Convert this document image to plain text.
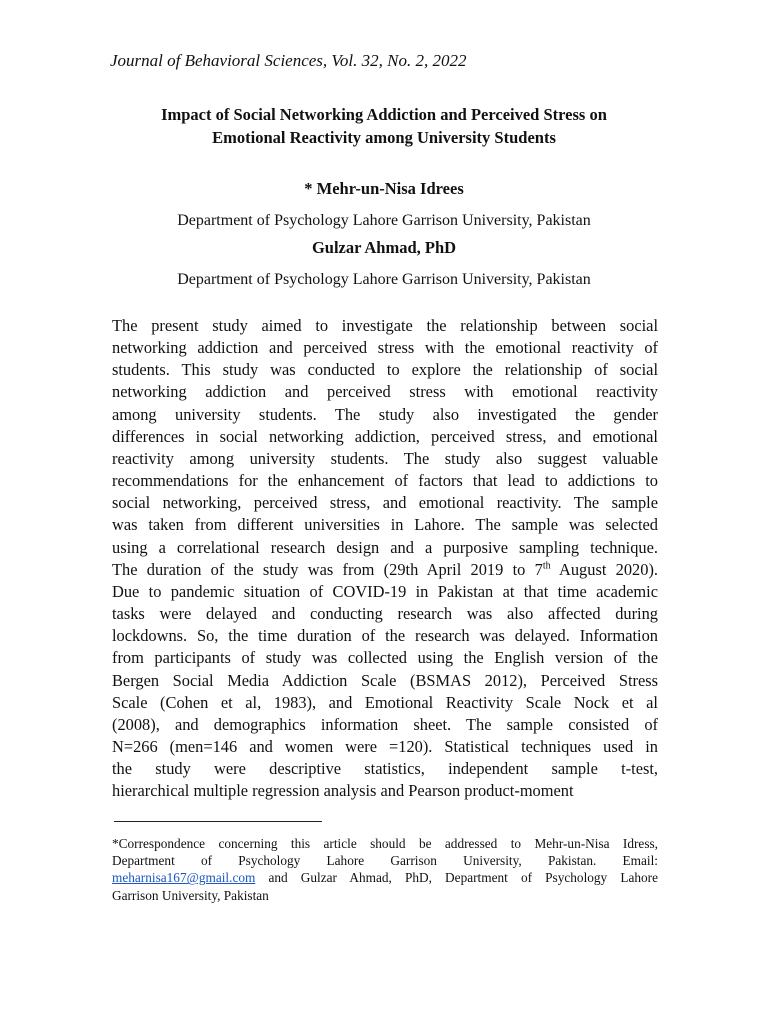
Journal of Behavioral Sciences, Vol. 32, No. 2, 2022
Impact of Social Networking Addiction and Perceived Stress on
Emotional Reactivity among University Students
* Mehr-un-Nisa Idrees
Department of Psychology Lahore Garrison University, Pakistan
Gulzar Ahmad, PhD
Department of Psychology Lahore Garrison University, Pakistan
The present study aimed to investigate the relationship between social
networking addiction and perceived stress with the emotional reactivity of
students. This study was conducted to explore the relationship of social
networking addiction and perceived stress with emotional reactivity
among university students. The study also investigated the gender
differences in social networking addiction, perceived stress, and emotional
reactivity among university students. The study also suggest valuable
recommendations for the enhancement of factors that lead to addictions to
social networking, perceived stress, and emotional reactivity. The sample
was taken from different universities in Lahore. The sample was selected
using a correlational research design and a purposive sampling technique.
The duration of the study was from (29th April 2019 to 7th August 2020).
Due to pandemic situation of COVID-19 in Pakistan at that time academic
tasks were delayed and conducting research was also affected during
lockdowns. So, the time duration of the research was delayed. Information
from participants of study was collected using the English version of the
Bergen Social Media Addiction Scale (BSMAS 2012), Perceived Stress
Scale (Cohen et al, 1983), and Emotional Reactivity Scale Nock et al
(2008), and demographics information sheet. The sample consisted of
N=266 (men=146 and women were =120). Statistical techniques used in
the study were descriptive statistics, independent sample t-test,
hierarchical multiple regression analysis and Pearson product-moment
*Correspondence concerning this article should be addressed to Mehr-un-Nisa Idress,
Department of Psychology Lahore Garrison University, Pakistan. Email:
meharnisa167@gmail.com and Gulzar Ahmad, PhD, Department of Psychology Lahore
Garrison University, Pakistan
